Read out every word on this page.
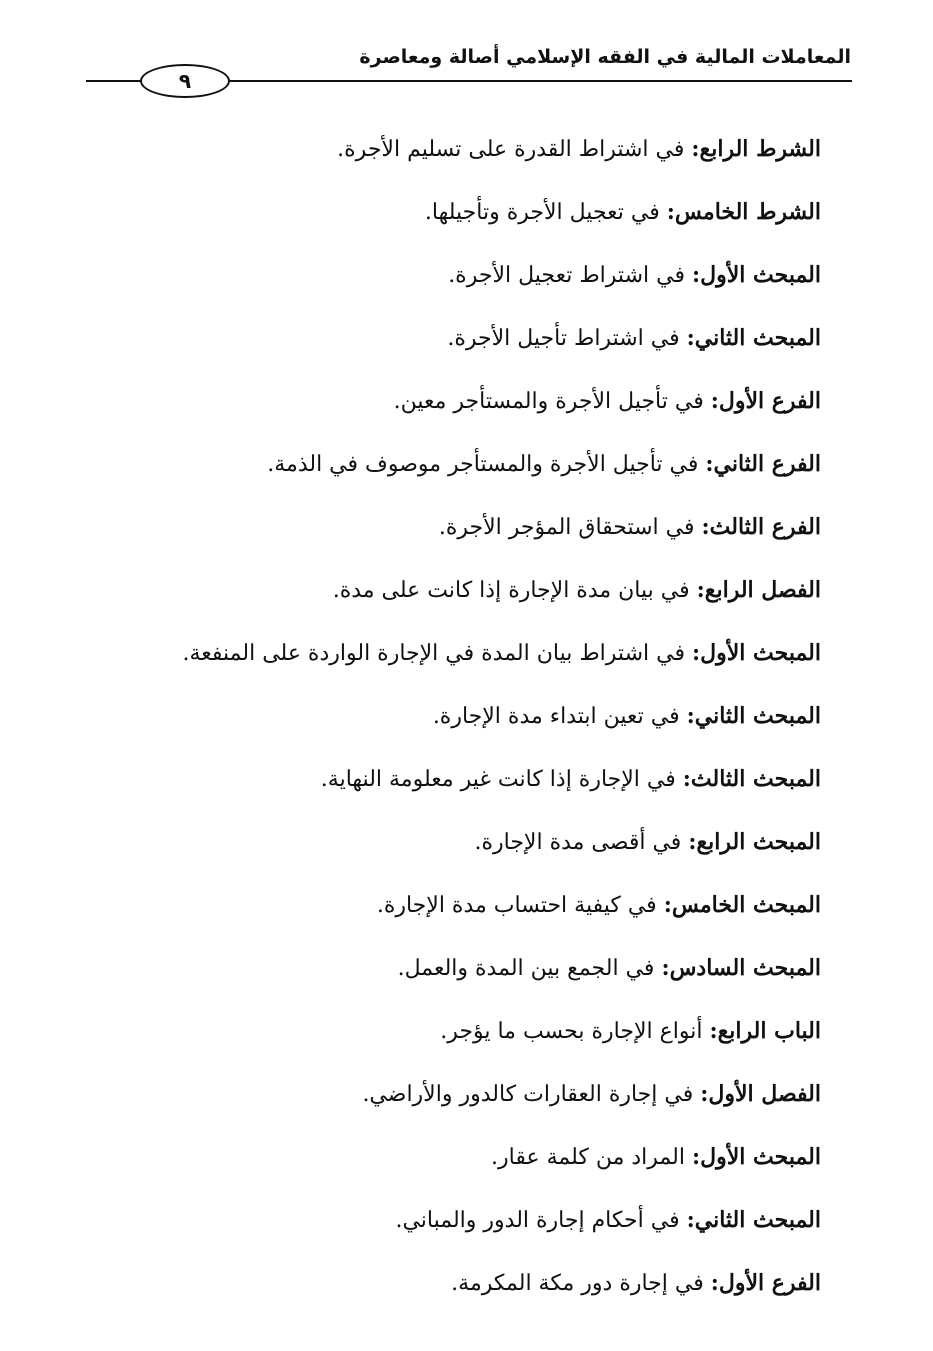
المعاملات المالية في الفقه الإسلامي أصالة ومعاصرة
٩
الشرط الرابع: في اشتراط القدرة على تسليم الأجرة.
الشرط الخامس: في تعجيل الأجرة وتأجيلها.
المبحث الأول: في اشتراط تعجيل الأجرة.
المبحث الثاني: في اشتراط تأجيل الأجرة.
الفرع الأول: في تأجيل الأجرة والمستأجر معين.
الفرع الثاني: في تأجيل الأجرة والمستأجر موصوف في الذمة.
الفرع الثالث: في استحقاق المؤجر الأجرة.
الفصل الرابع: في بيان مدة الإجارة إذا كانت على مدة.
المبحث الأول: في اشتراط بيان المدة في الإجارة الواردة على المنفعة.
المبحث الثاني: في تعين ابتداء مدة الإجارة.
المبحث الثالث: في الإجارة إذا كانت غير معلومة النهاية.
المبحث الرابع: في أقصى مدة الإجارة.
المبحث الخامس: في كيفية احتساب مدة الإجارة.
المبحث السادس: في الجمع بين المدة والعمل.
الباب الرابع: أنواع الإجارة بحسب ما يؤجر.
الفصل الأول: في إجارة العقارات كالدور والأراضي.
المبحث الأول: المراد من كلمة عقار.
المبحث الثاني: في أحكام إجارة الدور والمباني.
الفرع الأول: في إجارة دور مكة المكرمة.
